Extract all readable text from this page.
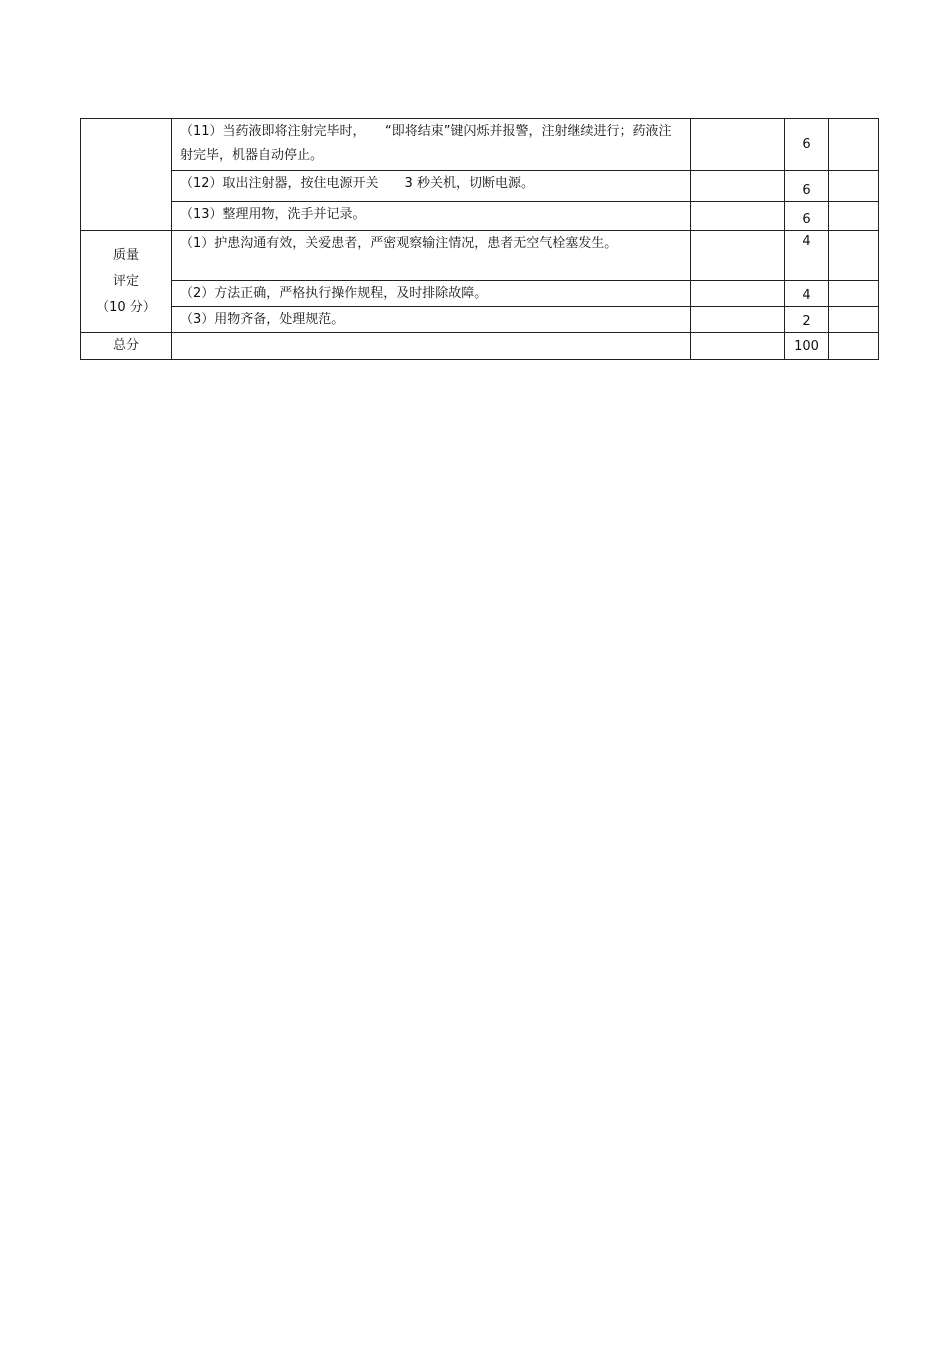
	（11）当药液即将注射完毕时，　　“即将结束”键闪烁并报警，注射继续进行；药液注射完毕，机器自动停止。		6	
	（12）取出注射器，按住电源开关　　3 秒关机，切断电源。		6	
	（13）整理用物，洗手并记录。		6	

质量
评定
（10 分）	（1）护患沟通有效，关爱患者，严密观察输注情况，患者无空气栓塞发生。		4	
	（2）方法正确，严格执行操作规程，及时排除故障。		4	
	（3）用物齐备，处理规范。		2	
总分			100	
